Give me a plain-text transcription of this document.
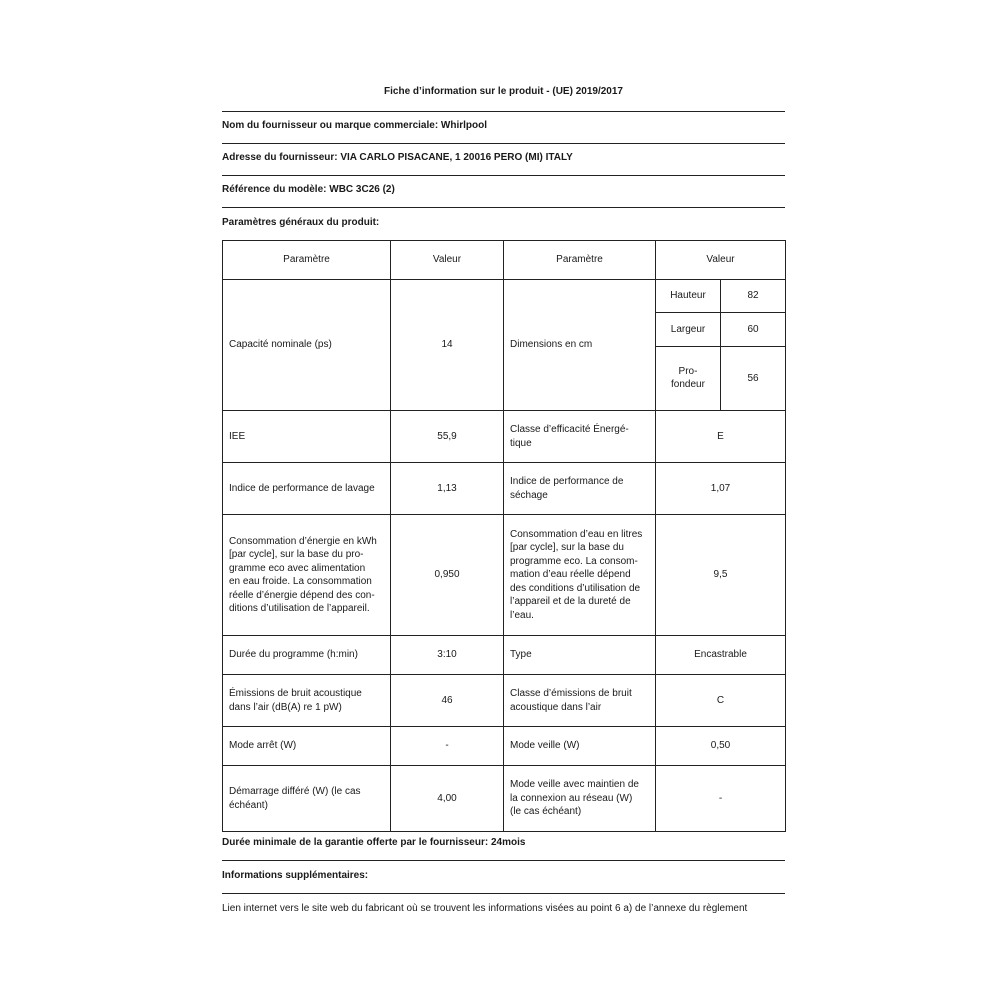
Fiche d’information sur le produit - (UE) 2019/2017
Nom du fournisseur ou marque commerciale: Whirlpool
Adresse du fournisseur: VIA CARLO PISACANE, 1 20016 PERO (MI) ITALY
Référence du modèle: WBC 3C26 (2)
Paramètres généraux du produit:
Paramètre	Valeur	Paramètre	Valeur
Capacité nominale (ps)	14	Dimensions en cm	
Hauteur	82
Largeur	60
Pro-
fondeur	56

IEE	55,9	Classe d’efficacité Énergé-
tique	E
Indice de performance de lavage	1,13	Indice de performance de
séchage	1,07
Consommation d’énergie en kWh
[par cycle], sur la base du pro-
gramme eco avec alimentation
en eau froide. La consommation
réelle d’énergie dépend des con-
ditions d’utilisation de l’appareil.	0,950	Consommation d’eau en litres
[par cycle], sur la base du
programme eco. La consom-
mation d’eau réelle dépend
des conditions d’utilisation de
l’appareil et de la dureté de
l’eau.	9,5
Durée du programme (h:min)	3:10	Type	Encastrable
Émissions de bruit acoustique
dans l’air (dB(A) re 1 pW)	46	Classe d’émissions de bruit
acoustique dans l’air	C
Mode arrêt (W)	-	Mode veille (W)	0,50
Démarrage différé (W) (le cas
échéant)	4,00	Mode veille avec maintien de
la connexion au réseau (W)
(le cas échéant)	-
Durée minimale de la garantie offerte par le fournisseur: 24mois
Informations supplémentaires:
Lien internet vers le site web du fabricant où se trouvent les informations visées au point 6 a) de l’annexe du règlement
